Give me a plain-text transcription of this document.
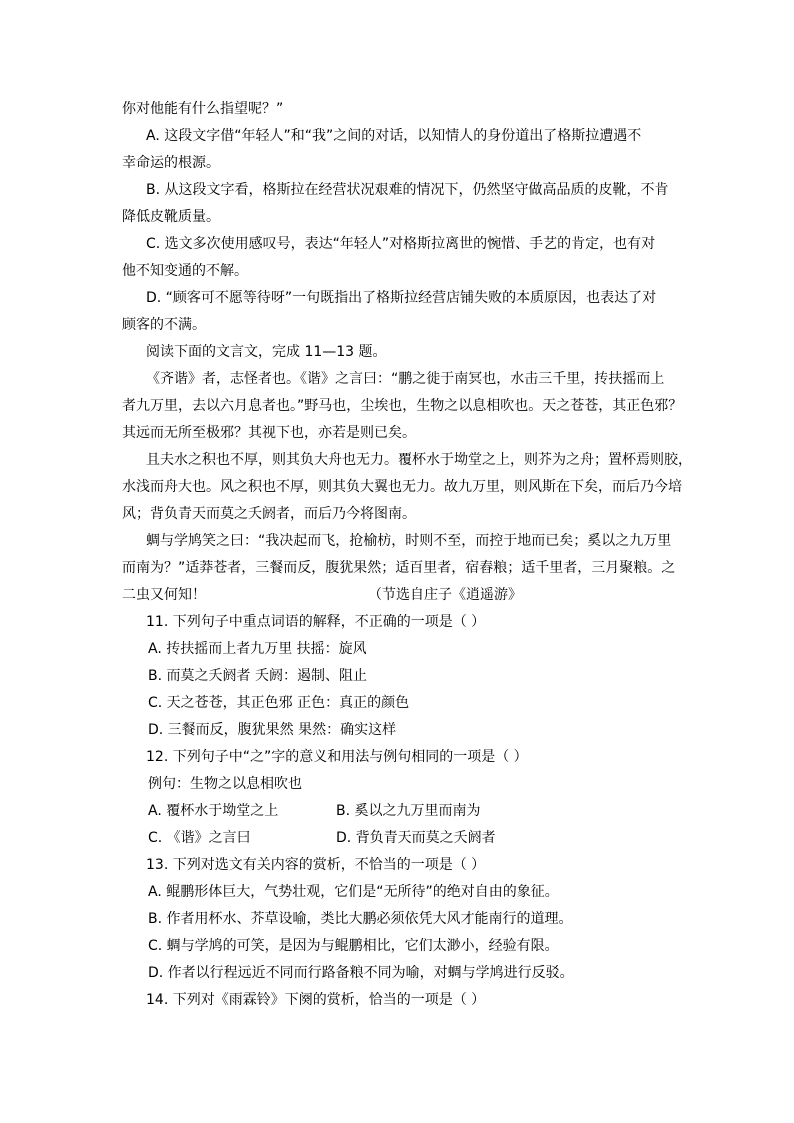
你对他能有什么指望呢？”
A. 这段文字借“年轻人”和“我”之间的对话，以知情人的身份道出了格斯拉遭遇不
幸命运的根源。
B. 从这段文字看，格斯拉在经营状况艰难的情况下，仍然坚守做高品质的皮靴，不肯
降低皮靴质量。
C. 选文多次使用感叹号，表达“年轻人”对格斯拉离世的惋惜、手艺的肯定，也有对
他不知变通的不解。
D. “顾客可不愿等待呀”一句既指出了格斯拉经营店铺失败的本质原因，也表达了对
顾客的不满。
阅读下面的文言文，完成 11—13 题。
《齐谐》者，志怪者也。《谐》之言曰：“鹏之徙于南冥也，水击三千里，抟扶摇而上
者九万里，去以六月息者也。”野马也，尘埃也，生物之以息相吹也。天之苍苍，其正色邪？
其远而无所至极邪？其视下也，亦若是则已矣。
且夫水之积也不厚，则其负大舟也无力。覆杯水于坳堂之上，则芥为之舟；置杯焉则胶，
水浅而舟大也。风之积也不厚，则其负大翼也无力。故九万里，则风斯在下矣，而后乃今培
风；背负青天而莫之夭阏者，而后乃今将图南。
蜩与学鸠笑之曰：“我决起而飞，抢榆枋，时则不至，而控于地而已矣；奚以之九万里
而南为？”适莽苍者，三餐而反，腹犹果然；适百里者，宿舂粮；适千里者，三月聚粮。之
二虫又何知！	（节选自庄子《逍遥游》
11. 下列句子中重点词语的解释，不正确的一项是（ ）
A. 抟扶摇而上者九万里 扶摇：旋风
B. 而莫之夭阏者 夭阏：遏制、阻止
C. 天之苍苍，其正色邪 正色：真正的颜色
D. 三餐而反，腹犹果然 果然：确实这样
12. 下列句子中“之”字的意义和用法与例句相同的一项是（ ）
例句：生物之以息相吹也
A. 覆杯水于坳堂之上	B. 奚以之九万里而南为
C. 《谐》之言曰	D. 背负青天而莫之夭阏者
13. 下列对选文有关内容的赏析，不恰当的一项是（ ）
A. 鲲鹏形体巨大，气势壮观，它们是“无所待”的绝对自由的象征。
B. 作者用杯水、芥草设喻，类比大鹏必须依凭大风才能南行的道理。
C. 蜩与学鸠的可笑，是因为与鲲鹏相比，它们太渺小，经验有限。
D. 作者以行程远近不同而行路备粮不同为喻，对蜩与学鸠进行反驳。
14. 下列对《雨霖铃》下阕的赏析，恰当的一项是（ ）
